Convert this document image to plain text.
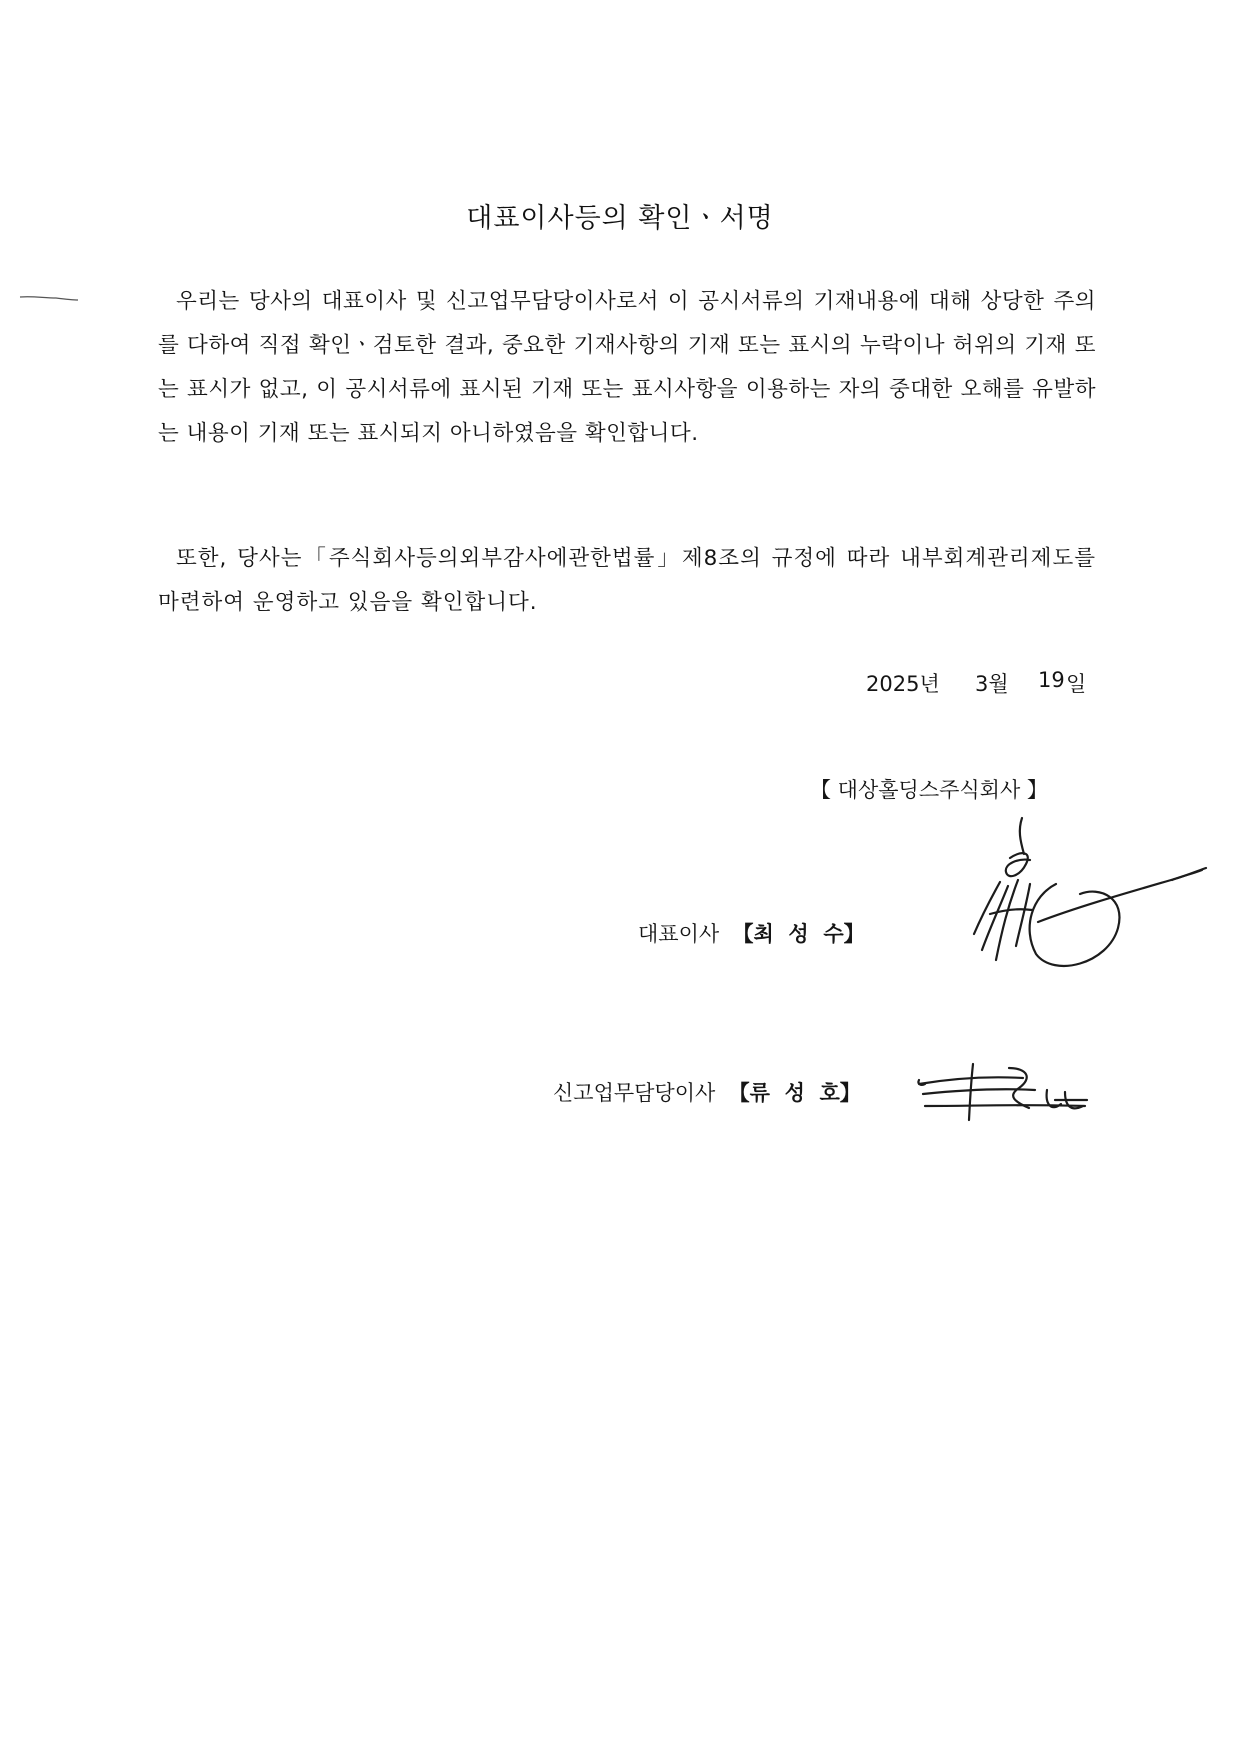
대표이사등의 확인ㆍ서명
우리는 당사의 대표이사 및 신고업무담당이사로서 이 공시서류의 기재내용에 대해 상당한 주의를 다하여 직접 확인ㆍ검토한 결과, 중요한 기재사항의 기재 또는 표시의 누락이나 허위의 기재 또는 표시가 없고, 이 공시서류에 표시된 기재 또는 표시사항을 이용하는 자의 중대한 오해를 유발하는 내용이 기재 또는 표시되지 아니하였음을 확인합니다.
또한, 당사는「주식회사등의외부감사에관한법률」제8조의 규정에 따라 내부회계관리제도를 마련하여 운영하고 있음을 확인합니다.
2025년 3월 19 일
【 대상홀딩스주식회사 】
대표이사 【최  성  수】
신고업무담당이사 【류  성  호】
